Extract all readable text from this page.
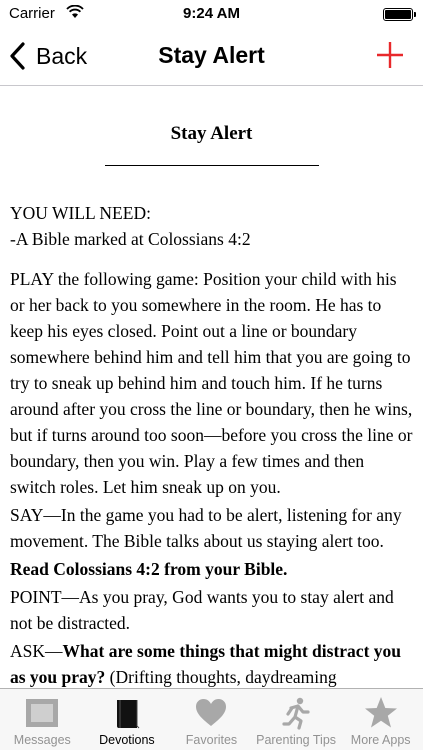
Carrier	9:24 AM
Back	Stay Alert
Stay Alert
YOU WILL NEED:
-A Bible marked at Colossians 4:2
PLAY the following game: Position your child with his or her back to you somewhere in the room. He has to keep his eyes closed. Point out a line or boundary somewhere behind him and tell him that you are going to try to sneak up behind him and touch him. If he turns around after you cross the line or boundary, then he wins, but if turns around too soon—before you cross the line or boundary, then you win. Play a few times and then switch roles. Let him sneak up on you.
SAY—In the game you had to be alert, listening for any movement. The Bible talks about us staying alert too.
Read Colossians 4:2 from your Bible.
POINT—As you pray, God wants you to stay alert and not be distracted.
ASK—What are some things that might distract you as you pray? (Drifting thoughts, daydreaming
Messages Devotions Favorites Parenting Tips More Apps
